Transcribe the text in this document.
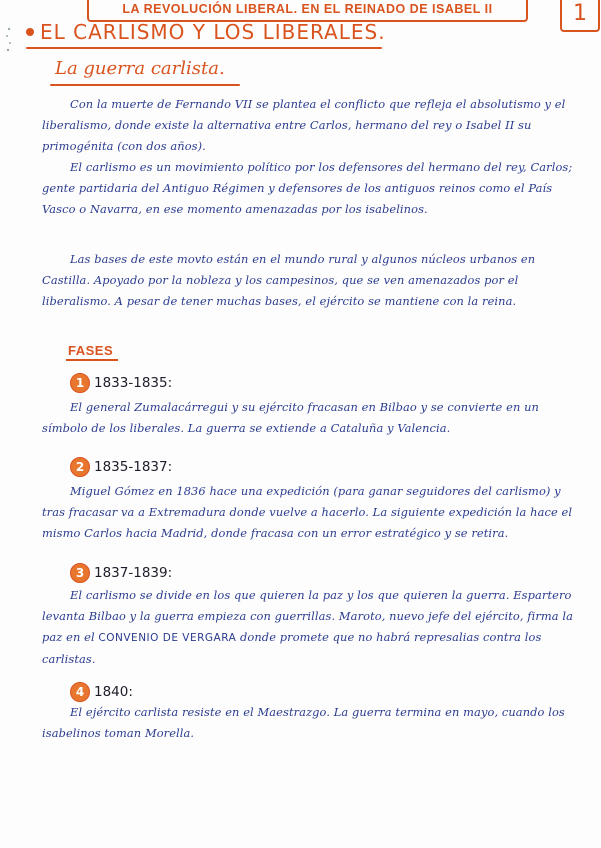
LA REVOLUCIÓN LIBERAL. EN EL REINADO DE ISABEL II	1
EL CARLISMO Y LOS LIBERALES.
La guerra carlista.

Con la muerte de Fernando VII se plantea el conflicto que refleja el absolutismo y el liberalismo, donde existe la alternativa entre Carlos, hermano del rey o Isabel II su primogénita (con dos años).

El carlismo es un movimiento político por los defensores del hermano del rey, Carlos; gente partidaria del Antiguo Régimen y defensores de los antiguos reinos como el País Vasco o Navarra, en ese momento amenazadas por los isabelinos.

Las bases de este movto están en el mundo rural y algunos núcleos urbanos en Castilla. Apoyado por la nobleza y los campesinos, que se ven amenazados por el liberalismo. A pesar de tener muchas bases, el ejército se mantiene con la reina.

FASES
1 1833-1835:

El general Zumalacárregui y su ejército fracasan en Bilbao y se convierte en un símbolo de los liberales. La guerra se extiende a Cataluña y Valencia.

2 1835-1837:

Miguel Gómez en 1836 hace una expedición (para ganar seguidores del carlismo) y tras fracasar va a Extremadura donde vuelve a hacerlo. La siguiente expedición la hace el mismo Carlos hacia Madrid, donde fracasa con un error estratégico y se retira.

3 1837-1839:

El carlismo se divide en los que quieren la paz y los que quieren la guerra. Espartero levanta Bilbao y la guerra empieza con guerrillas. Maroto, nuevo jefe del ejército, firma la paz en el CONVENIO DE VERGARA donde promete que no habrá represalias contra los carlistas.

4 1840:

El ejército carlista resiste en el Maestrazgo. La guerra termina en mayo, cuando los isabelinos toman Morella.
